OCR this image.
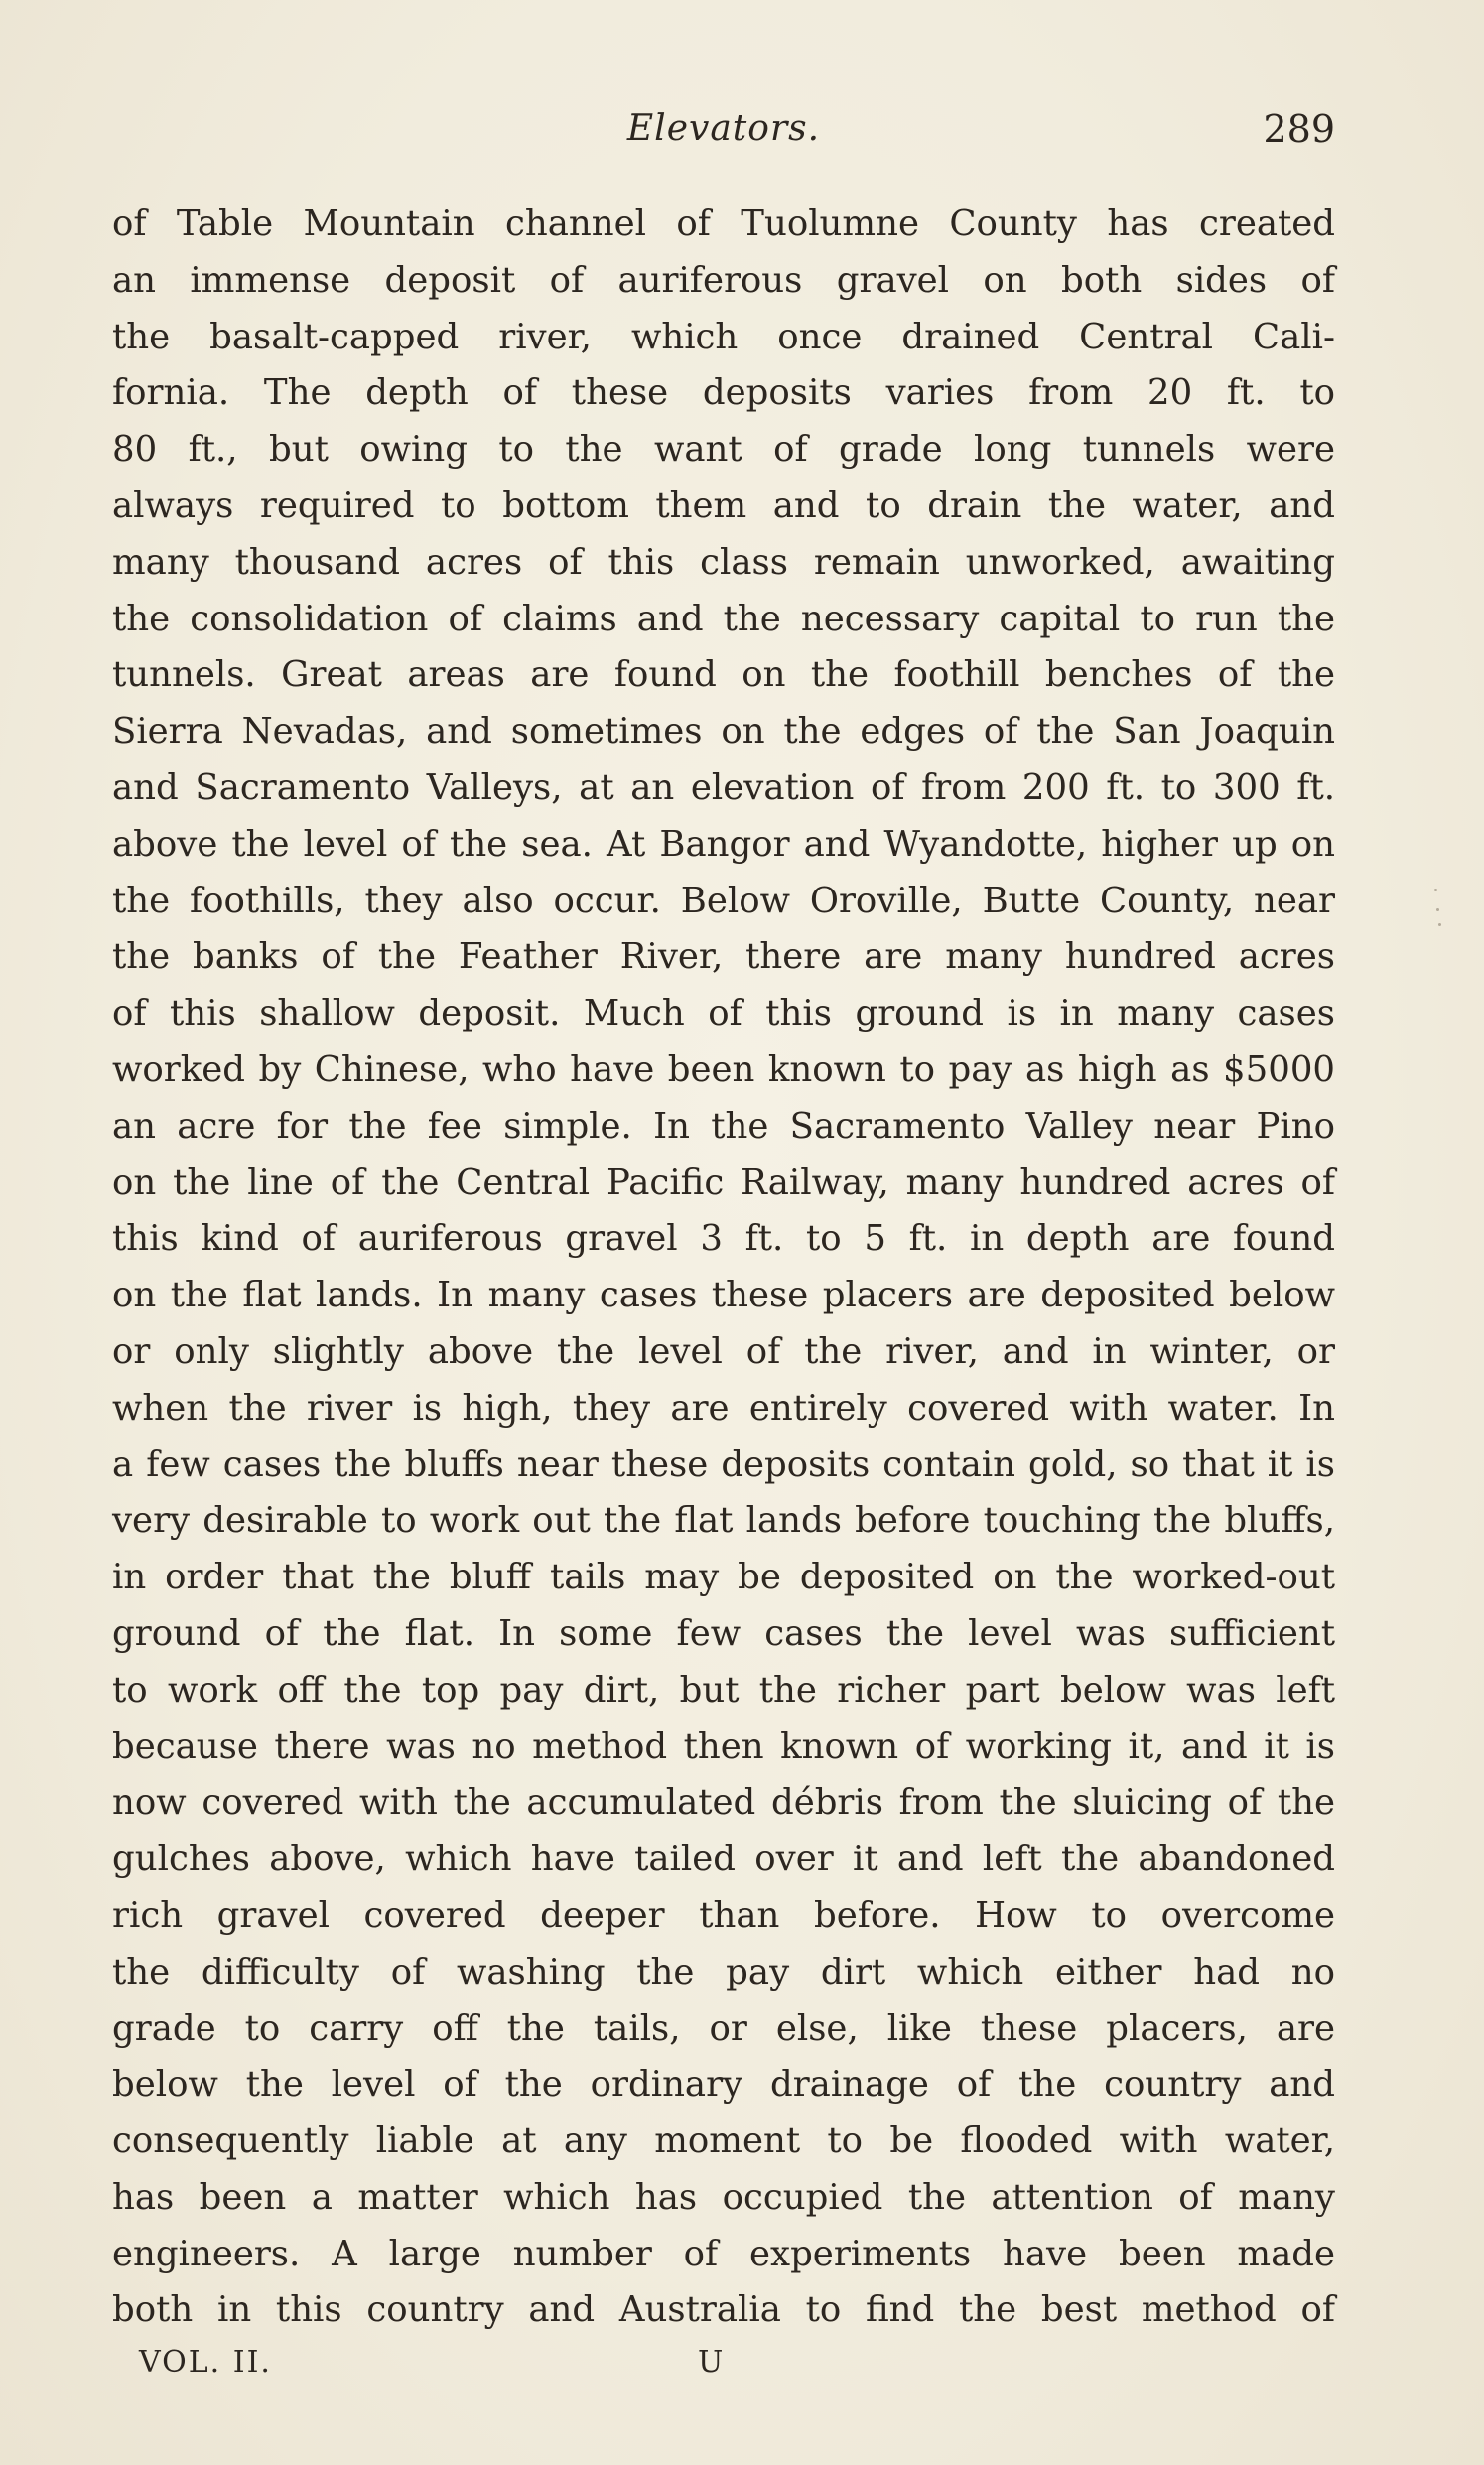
Elevators.	289
of Table Mountain channel of Tuolumne County has created
an immense deposit of auriferous gravel on both sides of
the basalt-capped river, which once drained Central Cali-
fornia. The depth of these deposits varies from 20 ft. to
80 ft., but owing to the want of grade long tunnels were
always required to bottom them and to drain the water, and
many thousand acres of this class remain unworked, awaiting
the consolidation of claims and the necessary capital to run the
tunnels. Great areas are found on the foothill benches of the
Sierra Nevadas, and sometimes on the edges of the San Joaquin
and Sacramento Valleys, at an elevation of from 200 ft. to 300 ft.
above the level of the sea. At Bangor and Wyandotte, higher up on
the foothills, they also occur. Below Oroville, Butte County, near
the banks of the Feather River, there are many hundred acres
of this shallow deposit. Much of this ground is in many cases
worked by Chinese, who have been known to pay as high as $5000
an acre for the fee simple. In the Sacramento Valley near Pino
on the line of the Central Pacific Railway, many hundred acres of
this kind of auriferous gravel 3 ft. to 5 ft. in depth are found
on the flat lands. In many cases these placers are deposited below
or only slightly above the level of the river, and in winter, or
when the river is high, they are entirely covered with water. In
a few cases the bluffs near these deposits contain gold, so that it is
very desirable to work out the flat lands before touching the bluffs,
in order that the bluff tails may be deposited on the worked-out
ground of the flat. In some few cases the level was sufficient
to work off the top pay dirt, but the richer part below was left
because there was no method then known of working it, and it is
now covered with the accumulated débris from the sluicing of the
gulches above, which have tailed over it and left the abandoned
rich gravel covered deeper than before. How to overcome
the difficulty of washing the pay dirt which either had no
grade to carry off the tails, or else, like these placers, are
below the level of the ordinary drainage of the country and
consequently liable at any moment to be flooded with water,
has been a matter which has occupied the attention of many
engineers. A large number of experiments have been made
both in this country and Australia to find the best method of
VOL. II.	U
